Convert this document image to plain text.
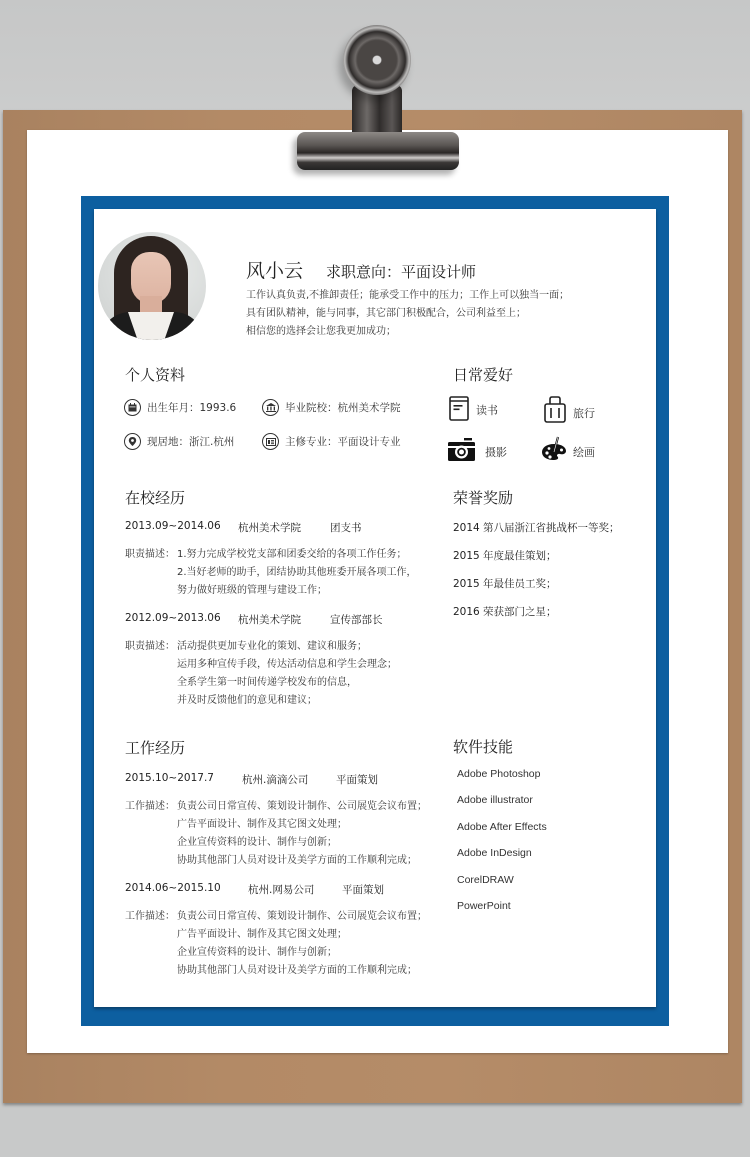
风小云 求职意向：平面设计师
工作认真负责,不推卸责任；能承受工作中的压力；工作上可以独当一面；
具有团队精神，能与同事，其它部门积极配合，公司利益至上；
相信您的选择会让您我更加成功；
个人资料
出生年月：1993.6	毕业院校：杭州美术学院
现居地：浙江.杭州	主修专业：平面设计专业
日常爱好
读书	旅行
摄影	绘画
在校经历
2013.09~2014.06 杭州美术学院	团支书
职责描述： 1.努力完成学校党支部和团委交给的各项工作任务；
2.当好老师的助手，团结协助其他班委开展各项工作，
努力做好班级的管理与建设工作；
2012.09~2013.06 杭州美术学院	宣传部部长
职责描述： 活动提供更加专业化的策划、建议和服务；
运用多种宣传手段，传达活动信息和学生会理念；
全系学生第一时间传递学校发布的信息，
并及时反馈他们的意见和建议；
荣誉奖励
2014 第八届浙江省挑战杯一等奖；
2015 年度最佳策划；
2015 年最佳员工奖；
2016 荣获部门之星；
工作经历
2015.10~2017.7	杭州.滴滴公司	平面策划
工作描述： 负责公司日常宣传、策划设计制作、公司展览会议布置；
广告平面设计、制作及其它图文处理；
企业宣传资料的设计、制作与创新；
协助其他部门人员对设计及美学方面的工作顺利完成；
2014.06~2015.10	杭州.网易公司	平面策划
工作描述： 负责公司日常宣传、策划设计制作、公司展览会议布置；
广告平面设计、制作及其它图文处理；
企业宣传资料的设计、制作与创新；
协助其他部门人员对设计及美学方面的工作顺利完成；
软件技能
Adobe Photoshop
Adobe illustrator
Adobe After Effects
Adobe InDesign
CorelDRAW
PowerPoint
